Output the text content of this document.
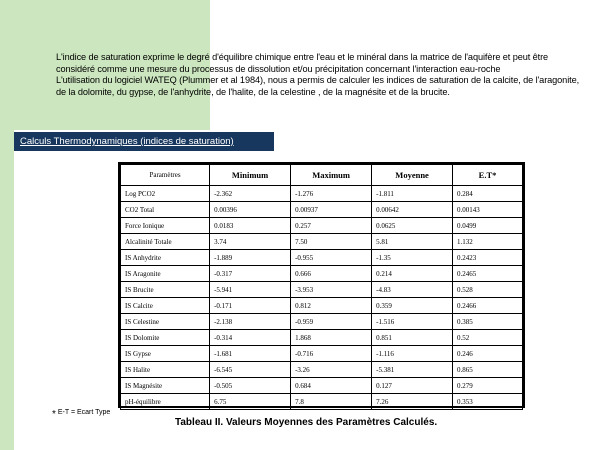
L'indice de saturation exprime le degré d'équilibre chimique entre l'eau et le minéral dans la matrice de l'aquifère et peut être considéré comme une mesure du processus de dissolution et/ou précipitation concernant l'interaction eau-roche

L'utilisation du logiciel WATEQ (Plummer et al 1984), nous a permis de calculer les indices de saturation de la calcite, de l'aragonite, de la dolomite, du gypse, de l'anhydrite, de l'halite, de la celestine , de la magnésite et de la brucite.

Calculs Thermodynamiques (indices de saturation)
Paramètres	Minimum	Maximum	Moyenne	E.T*
Log PCO2	-2.362	-1.276	-1.811	0.284
CO2 Total	0.00396	0.00937	0.00642	0.00143
Force Ionique	0.0183	0.257	0.0625	0.0499
Alcalinité Totale	3.74	7.50	5.81	1.132
IS Anhydrite	-1.889	-0.955	-1.35	0.2423
IS Aragonite	-0.317	0.666	0.214	0.2465
IS Brucite	-5.941	-3.953	-4.83	0.528
IS Calcite	-0.171	0.812	0.359	0.2466
IS Celestine	-2.138	-0.959	-1.516	0.385
IS Dolomite	-0.314	1.868	0.851	0.52
IS Gypse	-1.681	-0.716	-1.116	0.246
IS Halite	-6.545	-3.26	-5.381	0.865
IS Magnésite	-0.505	0.684	0.127	0.279
pH-équilibre	6.75	7.8	7.26	0.353
* E-T = Ecart Type
Tableau II. Valeurs Moyennes des Paramètres Calculés.
